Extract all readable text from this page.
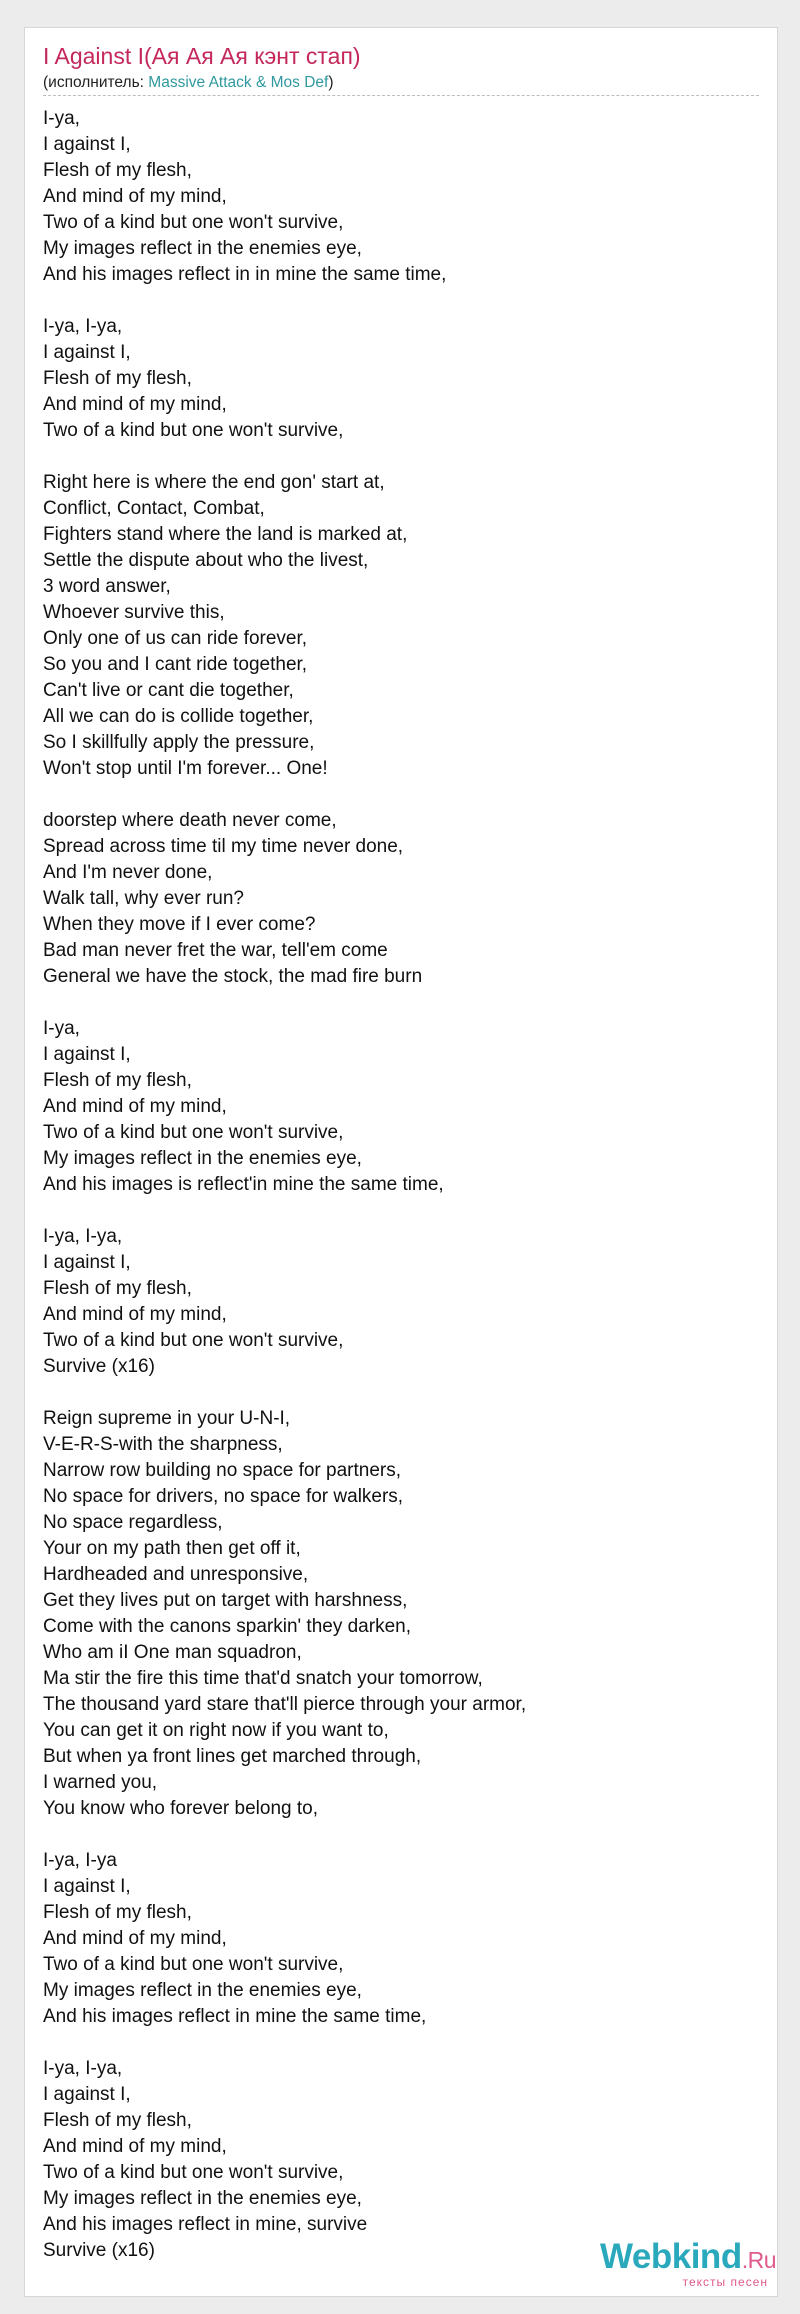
I Against I(Ая Ая Ая кэнт стап)
(исполнитель: Massive Attack & Mos Def)
I-ya,
I against I,
Flesh of my flesh,
And mind of my mind,
Two of a kind but one won't survive,
My images reflect in the enemies eye,
And his images reflect in in mine the same time,
I-ya, I-ya,
I against I,
Flesh of my flesh,
And mind of my mind,
Two of a kind but one won't survive,
Right here is where the end gon' start at,
Conflict, Contact, Combat,
Fighters stand where the land is marked at,
Settle the dispute about who the livest,
3 word answer,
Whoever survive this,
Only one of us can ride forever,
So you and I cant ride together,
Can't live or cant die together,
All we can do is collide together,
So I skillfully apply the pressure,
Won't stop until I'm forever... One!
doorstep where death never come,
Spread across time til my time never done,
And I'm never done,
Walk tall, why ever run?
When they move if I ever come?
Bad man never fret the war, tell'em come
General we have the stock, the mad fire burn
I-ya,
I against I,
Flesh of my flesh,
And mind of my mind,
Two of a kind but one won't survive,
My images reflect in the enemies eye,
And his images is reflect'in mine the same time,
I-ya, I-ya,
I against I,
Flesh of my flesh,
And mind of my mind,
Two of a kind but one won't survive,
Survive (x16)
Reign supreme in your U-N-I,
V-E-R-S-with the sharpness,
Narrow row building no space for partners,
No space for drivers, no space for walkers,
No space regardless,
Your on my path then get off it,
Hardheaded and unresponsive,
Get they lives put on target with harshness,
Come with the canons sparkin' they darken,
Who am iI One man squadron,
Ma stir the fire this time that'd snatch your tomorrow,
The thousand yard stare that'll pierce through your armor,
You can get it on right now if you want to,
But when ya front lines get marched through,
I warned you,
You know who forever belong to,
I-ya, I-ya
I against I,
Flesh of my flesh,
And mind of my mind,
Two of a kind but one won't survive,
My images reflect in the enemies eye,
And his images reflect in mine the same time,
I-ya, I-ya,
I against I,
Flesh of my flesh,
And mind of my mind,
Two of a kind but one won't survive,
My images reflect in the enemies eye,
And his images reflect in mine, survive
Survive (x16)	Webkind.Ru
тексты песен
